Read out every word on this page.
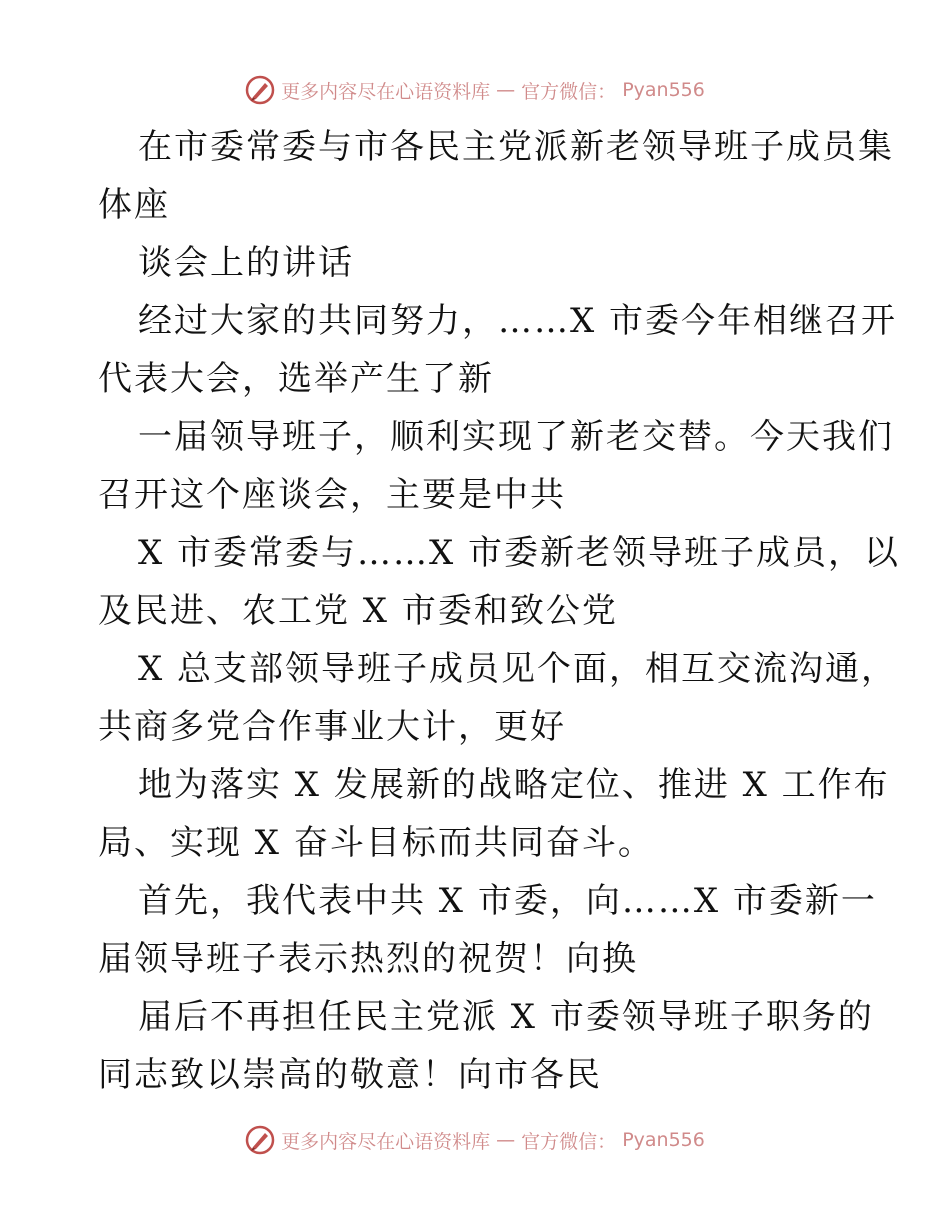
更多内容尽在心语资料库 — 官方微信： Pyan556

在市委常委与市各民主党派新老领导班子成员集

体座

谈会上的讲话

经过大家的共同努力，……X 市委今年相继召开

代表大会，选举产生了新

一届领导班子，顺利实现了新老交替。今天我们

召开这个座谈会，主要是中共

X 市委常委与……X 市委新老领导班子成员，以

及民进、农工党 X 市委和致公党

X 总支部领导班子成员见个面，相互交流沟通，

共商多党合作事业大计，更好

地为落实 X 发展新的战略定位、推进 X 工作布

局、实现 X 奋斗目标而共同奋斗。

首先，我代表中共 X 市委，向……X 市委新一

届领导班子表示热烈的祝贺！向换

届后不再担任民主党派 X 市委领导班子职务的

同志致以崇高的敬意！向市各民

更多内容尽在心语资料库 — 官方微信： Pyan556
